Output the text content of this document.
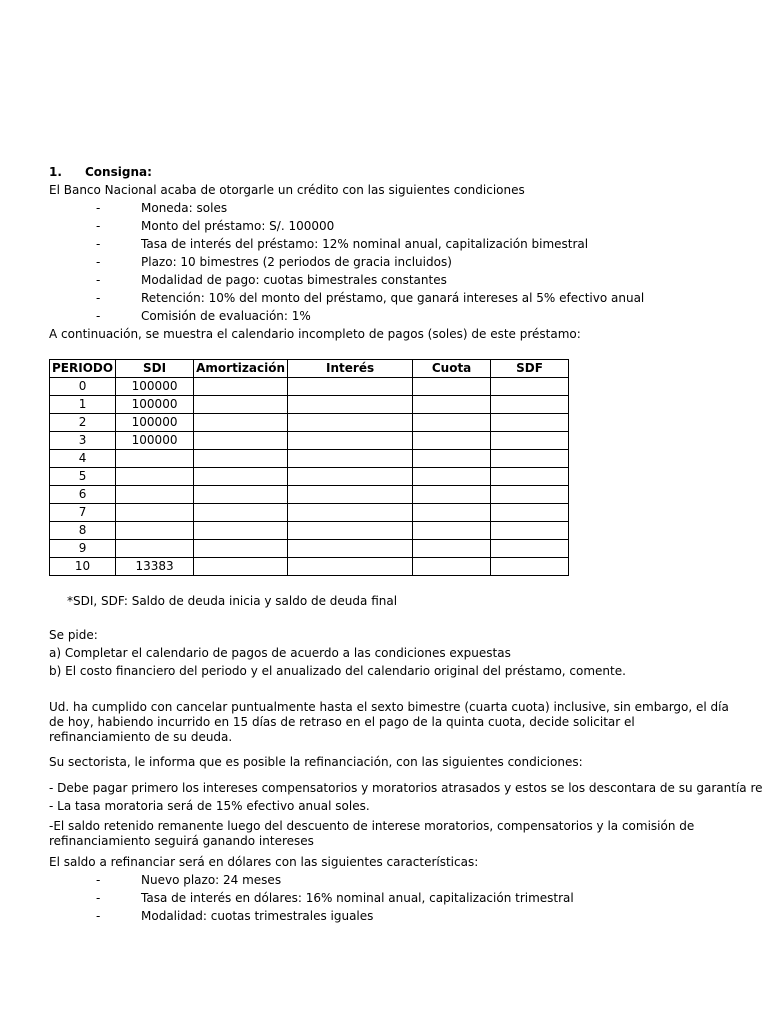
1. Consigna:
El Banco Nacional acaba de otorgarle un crédito con las siguientes condiciones
-	Moneda: soles
-	Monto del préstamo: S/. 100000
-	Tasa de interés del préstamo: 12% nominal anual, capitalización bimestral
-	Plazo: 10 bimestres (2 periodos de gracia incluidos)
-	Modalidad de pago: cuotas bimestrales constantes
-	Retención: 10% del monto del préstamo, que ganará intereses al 5% efectivo anual
-	Comisión de evaluación: 1%
A continuación, se muestra el calendario incompleto de pagos (soles) de este préstamo:
PERIODO	SDI	Amortización	Interés	Cuota	SDF
0	100000				
1	100000				
2	100000				
3	100000				
4					
5					
6					
7					
8					
9					
10	13383				
*SDI, SDF: Saldo de deuda inicia y saldo de deuda final
Se pide:
a) Completar el calendario de pagos de acuerdo a las condiciones expuestas
b) El costo financiero del periodo y el anualizado del calendario original del préstamo, comente.
Ud. ha cumplido con cancelar puntualmente hasta el sexto bimestre (cuarta cuota) inclusive, sin embargo, el día de hoy, habiendo incurrido en 15 días de retraso en el pago de la quinta cuota, decide solicitar el refinanciamiento de su deuda.
Su sectorista, le informa que es posible la refinanciación, con las siguientes condiciones:
- Debe pagar primero los intereses compensatorios y moratorios atrasados y estos se los descontara de su garantía re
- La tasa moratoria será de 15% efectivo anual soles.
-El saldo retenido remanente luego del descuento de interese moratorios, compensatorios y la comisión de refinanciamiento seguirá ganando intereses
El saldo a refinanciar será en dólares con las siguientes características:
-	Nuevo plazo: 24 meses
-	Tasa de interés en dólares: 16% nominal anual, capitalización trimestral
-	Modalidad: cuotas trimestrales iguales
